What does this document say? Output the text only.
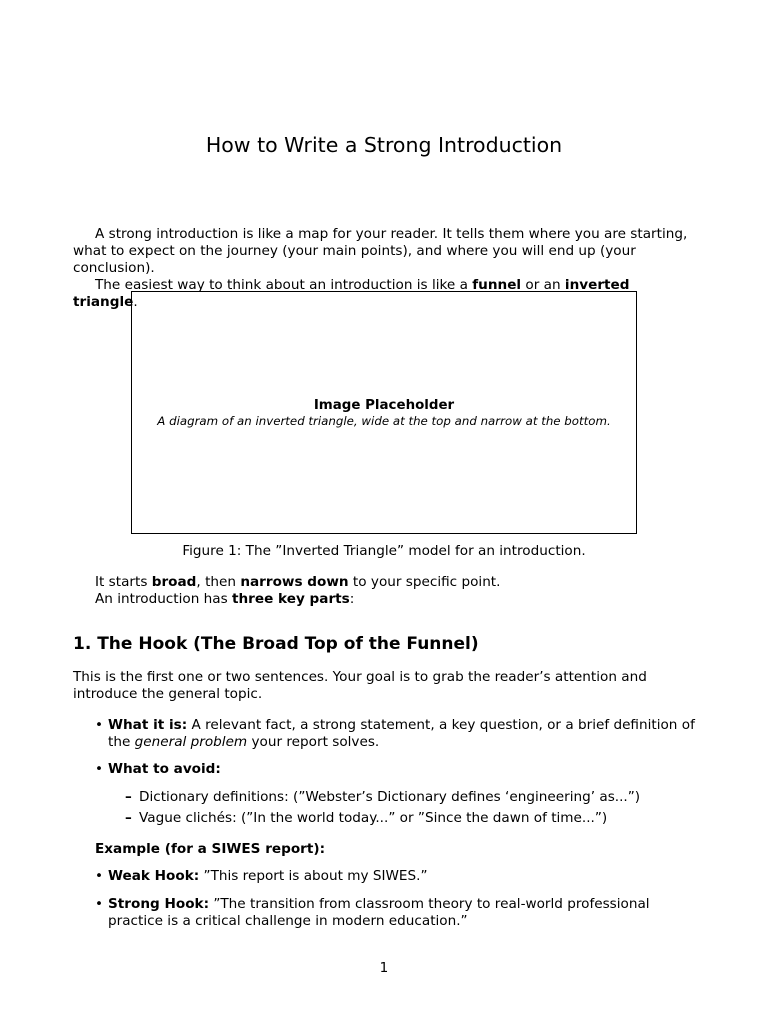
How to Write a Strong Introduction

A strong introduction is like a map for your reader. It tells them where you are starting, what to expect on the journey (your main points), and where you will end up (your conclusion).

The easiest way to think about an introduction is like a funnel or an inverted triangle.

Image Placeholder
A diagram of an inverted triangle, wide at the top and narrow at the bottom.
Figure 1: The ”Inverted Triangle” model for an introduction.

It starts broad, then narrows down to your specific point.

An introduction has three key parts:

1. The Hook (The Broad Top of the Funnel)

This is the first one or two sentences. Your goal is to grab the reader’s attention and introduce the general topic.

• What it is: A relevant fact, a strong statement, a key question, or a brief definition of the general problem your report solves.
• What to avoid:
– Dictionary definitions: (”Webster’s Dictionary defines ‘engineering’ as...”)
– Vague clichés: (”In the world today...” or ”Since the dawn of time...”)
Example (for a SIWES report):
• Weak Hook: ”This report is about my SIWES.”
• Strong Hook: ”The transition from classroom theory to real-world professional practice is a critical challenge in modern education.”
1
